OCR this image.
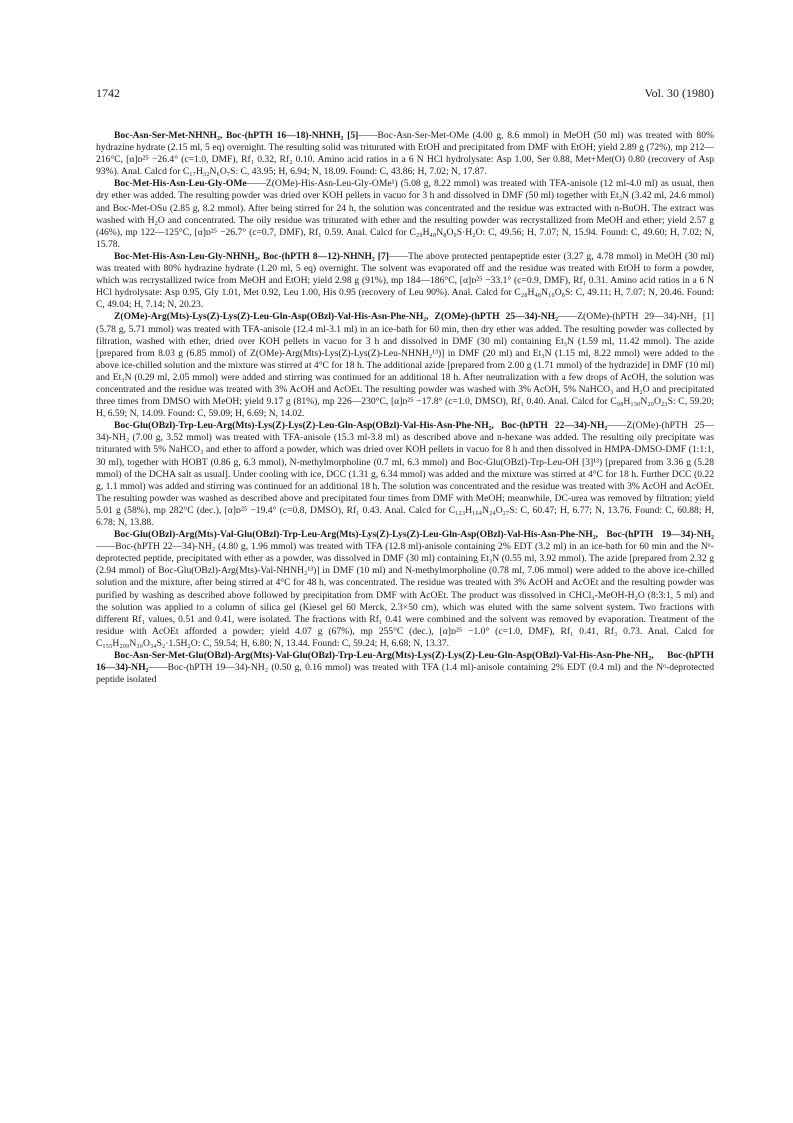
1742	Vol. 30 (1980)

Boc-Asn-Ser-Met-NHNH₂, Boc-(hPTH 16—18)-NHNH₂ [5]——Boc-Asn-Ser-Met-OMe (4.00 g, 8.6 mmol) in MeOH (50 ml) was treated with 80% hydrazine hydrate (2.15 ml, 5 eq) overnight. The resulting solid was triturated with EtOH and precipitated from DMF with EtOH; yield 2.89 g (72%), mp 212—216°C, [α]ᴅ²⁵ −26.4° (c=1.0, DMF), Rf₁ 0.32, Rf₂ 0.10. Amino acid ratios in a 6 N HCl hydrolysate: Asp 1.00, Ser 0.88, Met+Met(O) 0.80 (recovery of Asp 93%). Anal. Calcd for C₁₇H₃₂N₆O₇S: C, 43.95; H, 6.94; N, 18.09. Found: C, 43.86; H, 7.02; N, 17.87.

Boc-Met-His-Asn-Leu-Gly-OMe——Z(OMe)-His-Asn-Leu-Gly-OMe¹) (5.08 g, 8.22 mmol) was treated with TFA-anisole (12 ml-4.0 ml) as usual, then dry ether was added. The resulting powder was dried over KOH pellets in vacuo for 3 h and dissolved in DMF (50 ml) together with Et₃N (3.42 ml, 24.6 mmol) and Boc-Met-OSu (2.85 g, 8.2 mmol). After being stirred for 24 h, the solution was concentrated and the residue was extracted with n-BuOH. The extract was washed with H₂O and concentrated. The oily residue was triturated with ether and the resulting powder was recrystallized from MeOH and ether; yield 2.57 g (46%), mp 122—125°C, [α]ᴅ²⁵ −26.7° (c=0.7, DMF), Rf₁ 0.59. Anal. Calcd for C₂₉H₄₈N₈O₉S·H₂O: C, 49.56; H, 7.07; N, 15.94. Found: C, 49.60; H, 7.02; N, 15.78.

Boc-Met-His-Asn-Leu-Gly-NHNH₂, Boc-(hPTH 8—12)-NHNH₂ [7]——The above protected pentapeptide ester (3.27 g, 4.78 mmol) in MeOH (30 ml) was treated with 80% hydrazine hydrate (1.20 ml, 5 eq) overnight. The solvent was evaporated off and the residue was treated with EtOH to form a powder, which was recrystallized twice from MeOH and EtOH; yield 2.98 g (91%), mp 184—186°C, [α]ᴅ²⁵ −33.1° (c=0.9, DMF), Rf₁ 0.31. Amino acid ratios in a 6 N HCl hydrolysate: Asp 0.95, Gly 1.01, Met 0.92, Leu 1.00, His 0.95 (recovery of Leu 90%). Anal. Calcd for C₂₈H₄₈N₁₀O₈S: C, 49.11; H, 7.07; N, 20.46. Found: C, 49.04; H, 7.14; N, 20.23.

Z(OMe)-Arg(Mts)-Lys(Z)-Lys(Z)-Leu-Gln-Asp(OBzl)-Val-His-Asn-Phe-NH₂, Z(OMe)-(hPTH 25—34)-NH₂——Z(OMe)-(hPTH 29—34)-NH₂ [1] (5.78 g, 5.71 mmol) was treated with TFA-anisole (12.4 ml-3.1 ml) in an ice-bath for 60 min, then dry ether was added. The resulting powder was collected by filtration, washed with ether, dried over KOH pellets in vacuo for 3 h and dissolved in DMF (30 ml) containing Et₃N (1.59 ml, 11.42 mmol). The azide [prepared from 8.03 g (6.85 mmol) of Z(OMe)-Arg(Mts)-Lys(Z)-Lys(Z)-Leu-NHNH₂¹³)] in DMF (20 ml) and Et₃N (1.15 ml, 8.22 mmol) were added to the above ice-chilled solution and the mixture was stirred at 4°C for 18 h. The additional azide [prepared from 2.00 g (1.71 mmol) of the hydrazide] in DMF (10 ml) and Et₃N (0.29 ml, 2.05 mmol) were added and stirring was continued for an additional 18 h. After neutralization with a few drops of AcOH, the solution was concentrated and the residue was treated with 3% AcOH and AcOEt. The resulting powder was washed with 3% AcOH, 5% NaHCO₃ and H₂O and precipitated three times from DMSO with MeOH; yield 9.17 g (81%), mp 226—230°C, [α]ᴅ²⁵ −17.8° (c=1.0, DMSO), Rf₁ 0.40. Anal. Calcd for C₉₈H₁₃₀N₂₀O₂₃S: C, 59.20; H, 6.59; N, 14.09. Found: C, 59.09; H, 6.69; N, 14.02.

Boc-Glu(OBzl)-Trp-Leu-Arg(Mts)-Lys(Z)-Lys(Z)-Leu-Gln-Asp(OBzl)-Val-His-Asn-Phe-NH₂, Boc-(hPTH 22—34)-NH₂——Z(OMe)-(hPTH 25—34)-NH₂ (7.00 g, 3.52 mmol) was treated with TFA-anisole (15.3 ml-3.8 ml) as described above and n-hexane was added. The resulting oily precipitate was triturated with 5% NaHCO₃ and ether to afford a powder, which was dried over KOH pellets in vacuo for 8 h and then dissolved in HMPA-DMSO-DMF (1:1:1, 30 ml), together with HOBT (0.86 g, 6.3 mmol), N-methylmorpholine (0.7 ml, 6.3 mmol) and Boc-Glu(OBzl)-Trp-Leu-OH [3]¹³) [prepared from 3.36 g (5.28 mmol) of the DCHA salt as usual]. Under cooling with ice, DCC (1.31 g, 6.34 mmol) was added and the mixture was stirred at 4°C for 18 h. Further DCC (0.22 g, 1.1 mmol) was added and stirring was continued for an additional 18 h. The solution was concentrated and the residue was treated with 3% AcOH and AcOEt. The resulting powder was washed as described above and precipitated four times from DMF with MeOH; meanwhile, DC-urea was removed by filtration; yield 5.01 g (58%), mp 282°C (dec.), [α]ᴅ²⁵ −19.4° (c=0.8, DMSO), Rf₁ 0.43. Anal. Calcd for C₁₂₃H₁₆₄N₂₄O₂₇S: C, 60.47; H, 6.77; N, 13.76. Found: C, 60.88; H, 6.78; N, 13.88.

Boc-Glu(OBzl)-Arg(Mts)-Val-Glu(OBzl)-Trp-Leu-Arg(Mts)-Lys(Z)-Lys(Z)-Leu-Gln-Asp(OBzl)-Val-His-Asn-Phe-NH₂, Boc-(hPTH 19—34)-NH₂——Boc-(hPTH 22—34)-NH₂ (4.80 g, 1.96 mmol) was treated with TFA (12.8 ml)-anisole containing 2% EDT (3.2 ml) in an ice-bath for 60 min and the Nᵅ-deprotected peptide, precipitated with ether as a powder, was dissolved in DMF (30 ml) containing Et₃N (0.55 ml, 3.92 mmol). The azide [prepared from 2.32 g (2.94 mmol) of Boc-Glu(OBzl)-Arg(Mts)-Val-NHNH₂¹³)] in DMF (10 ml) and N-methylmorpholine (0.78 ml, 7.06 mmol) were added to the above ice-chilled solution and the mixture, after being stirred at 4°C for 48 h, was concentrated. The residue was treated with 3% AcOH and AcOEt and the resulting powder was purified by washing as described above followed by precipitation from DMF with AcOEt. The product was dissolved in CHCl₃-MeOH-H₂O (8:3:1, 5 ml) and the solution was applied to a column of silica gel (Kiesel gel 60 Merck, 2.3×50 cm), which was eluted with the same solvent system. Two fractions with different Rf₁ values, 0.51 and 0.41, were isolated. The fractions with Rf₁ 0.41 were combined and the solvent was removed by evaporation. Treatment of the residue with AcOEt afforded a powder; yield 4.07 g (67%), mp 255°C (dec.), [α]ᴅ²⁵ −1.0° (c=1.0, DMF), Rf₁ 0.41, Rf₃ 0.73. Anal. Calcd for C₁₅₅H₂₀₉N₃₀O₃₄S₂·1.5H₂O: C, 59.54; H, 6.80; N, 13.44. Found: C, 59.24; H, 6.68; N, 13.37.

Boc-Asn-Ser-Met-Glu(OBzl)-Arg(Mts)-Val-Glu(OBzl)-Trp-Leu-Arg(Mts)-Lys(Z)-Lys(Z)-Leu-Gln-Asp(OBzl)-Val-His-Asn-Phe-NH₂, Boc-(hPTH 16—34)-NH₂——Boc-(hPTH 19—34)-NH₂ (0.50 g, 0.16 mmol) was treated with TFA (1.4 ml)-anisole containing 2% EDT (0.4 ml) and the Nᵅ-deprotected peptide isolated
